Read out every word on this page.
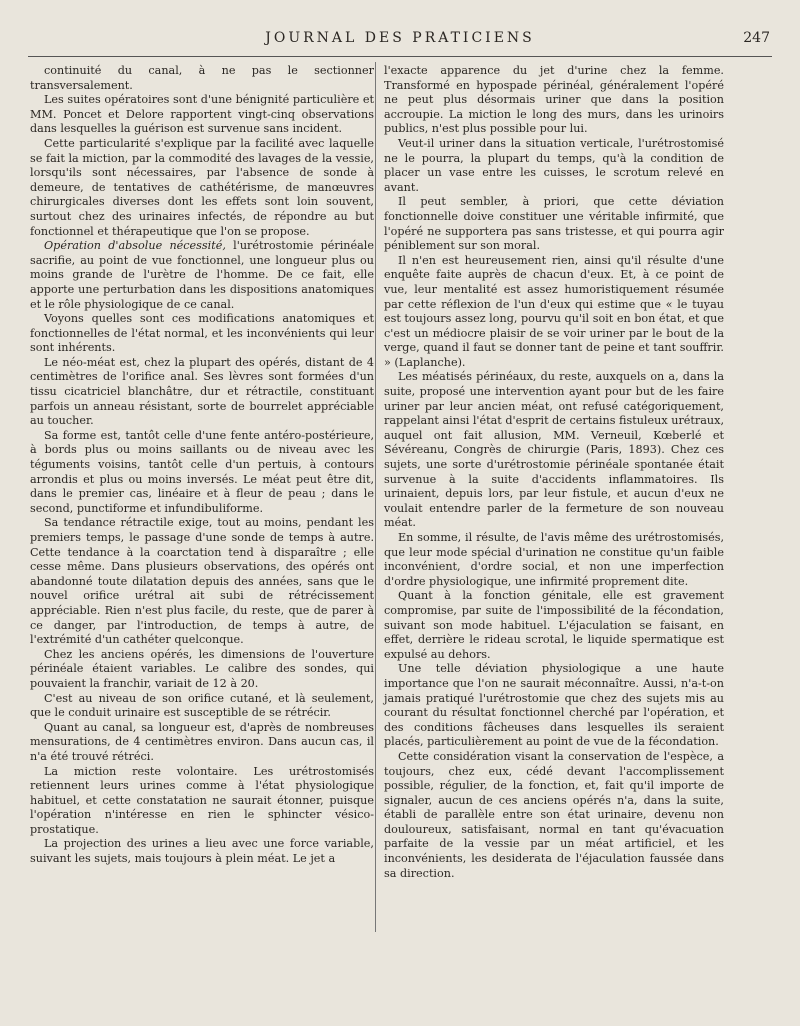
JOURNAL DES PRATICIENS	247

continuité du canal, à ne pas le sectionner transversalement.

Les suites opératoires sont d'une bénignité particulière et MM. Poncet et Delore rapportent vingt-cinq observations dans lesquelles la guérison est survenue sans incident.

Cette particularité s'explique par la facilité avec laquelle se fait la miction, par la commodité des lavages de la vessie, lorsqu'ils sont nécessaires, par l'absence de sonde à demeure, de tentatives de cathétérisme, de manœuvres chirurgicales diverses dont les effets sont loin souvent, surtout chez des urinaires infectés, de répondre au but fonctionnel et thérapeutique que l'on se propose.

Opération d'absolue nécessité, l'urétrostomie périnéale sacrifie, au point de vue fonctionnel, une longueur plus ou moins grande de l'urètre de l'homme. De ce fait, elle apporte une perturbation dans les dispositions anatomiques et le rôle physiologique de ce canal.

Voyons quelles sont ces modifications anatomiques et fonctionnelles de l'état normal, et les inconvénients qui leur sont inhérents.

Le néo-méat est, chez la plupart des opérés, distant de 4 centimètres de l'orifice anal. Ses lèvres sont formées d'un tissu cicatriciel blanchâtre, dur et rétractile, constituant parfois un anneau résistant, sorte de bourrelet appréciable au toucher.

Sa forme est, tantôt celle d'une fente antéro-postérieure, à bords plus ou moins saillants ou de niveau avec les téguments voisins, tantôt celle d'un pertuis, à contours arrondis et plus ou moins inversés. Le méat peut être dit, dans le premier cas, linéaire et à fleur de peau ; dans le second, punctiforme et infundibuliforme.

Sa tendance rétractile exige, tout au moins, pendant les premiers temps, le passage d'une sonde de temps à autre. Cette tendance à la coarctation tend à disparaître ; elle cesse même. Dans plusieurs observations, des opérés ont abandonné toute dilatation depuis des années, sans que le nouvel orifice urétral ait subi de rétrécissement appréciable. Rien n'est plus facile, du reste, que de parer à ce danger, par l'introduction, de temps à autre, de l'extrémité d'un cathéter quelconque.

Chez les anciens opérés, les dimensions de l'ouverture périnéale étaient variables. Le calibre des sondes, qui pouvaient la franchir, variait de 12 à 20.

C'est au niveau de son orifice cutané, et là seulement, que le conduit urinaire est susceptible de se rétrécir.

Quant au canal, sa longueur est, d'après de nombreuses mensurations, de 4 centimètres environ. Dans aucun cas, il n'a été trouvé rétréci.

La miction reste volontaire. Les urétrostomisés retiennent leurs urines comme à l'état physiologique habituel, et cette constatation ne saurait étonner, puisque l'opération n'intéresse en rien le sphincter vésico-prostatique.

La projection des urines a lieu avec une force variable, suivant les sujets, mais toujours à plein méat. Le jet a

l'exacte apparence du jet d'urine chez la femme. Transformé en hypospade périnéal, généralement l'opéré ne peut plus désormais uriner que dans la position accroupie. La miction le long des murs, dans les urinoirs publics, n'est plus possible pour lui.

Veut-il uriner dans la situation verticale, l'urétrostomisé ne le pourra, la plupart du temps, qu'à la condition de placer un vase entre les cuisses, le scrotum relevé en avant.

Il peut sembler, à priori, que cette déviation fonctionnelle doive constituer une véritable infirmité, que l'opéré ne supportera pas sans tristesse, et qui pourra agir péniblement sur son moral.

Il n'en est heureusement rien, ainsi qu'il résulte d'une enquête faite auprès de chacun d'eux. Et, à ce point de vue, leur mentalité est assez humoristiquement résumée par cette réflexion de l'un d'eux qui estime que « le tuyau est toujours assez long, pourvu qu'il soit en bon état, et que c'est un médiocre plaisir de se voir uriner par le bout de la verge, quand il faut se donner tant de peine et tant souffrir. » (Laplanche).

Les méatisés périnéaux, du reste, auxquels on a, dans la suite, proposé une intervention ayant pour but de les faire uriner par leur ancien méat, ont refusé catégoriquement, rappelant ainsi l'état d'esprit de certains fistuleux urétraux, auquel ont fait allusion, MM. Verneuil, Kœberlé et Sévéreanu, Congrès de chirurgie (Paris, 1893). Chez ces sujets, une sorte d'urétrostomie périnéale spontanée était survenue à la suite d'accidents inflammatoires. Ils urinaient, depuis lors, par leur fistule, et aucun d'eux ne voulait entendre parler de la fermeture de son nouveau méat.

En somme, il résulte, de l'avis même des urétrostomisés, que leur mode spécial d'urination ne constitue qu'un faible inconvénient, d'ordre social, et non une imperfection d'ordre physiologique, une infirmité proprement dite.

Quant à la fonction génitale, elle est gravement compromise, par suite de l'impossibilité de la fécondation, suivant son mode habituel. L'éjaculation se faisant, en effet, derrière le rideau scrotal, le liquide spermatique est expulsé au dehors.

Une telle déviation physiologique a une haute importance que l'on ne saurait méconnaître. Aussi, n'a-t-on jamais pratiqué l'urétrostomie que chez des sujets mis au courant du résultat fonctionnel cherché par l'opération, et des conditions fâcheuses dans lesquelles ils seraient placés, particulièrement au point de vue de la fécondation.

Cette considération visant la conservation de l'espèce, a toujours, chez eux, cédé devant l'accomplissement possible, régulier, de la fonction, et, fait qu'il importe de signaler, aucun de ces anciens opérés n'a, dans la suite, établi de parallèle entre son état urinaire, devenu non douloureux, satisfaisant, normal en tant qu'évacuation parfaite de la vessie par un méat artificiel, et les inconvénients, les desiderata de l'éjaculation faussée dans sa direction.
